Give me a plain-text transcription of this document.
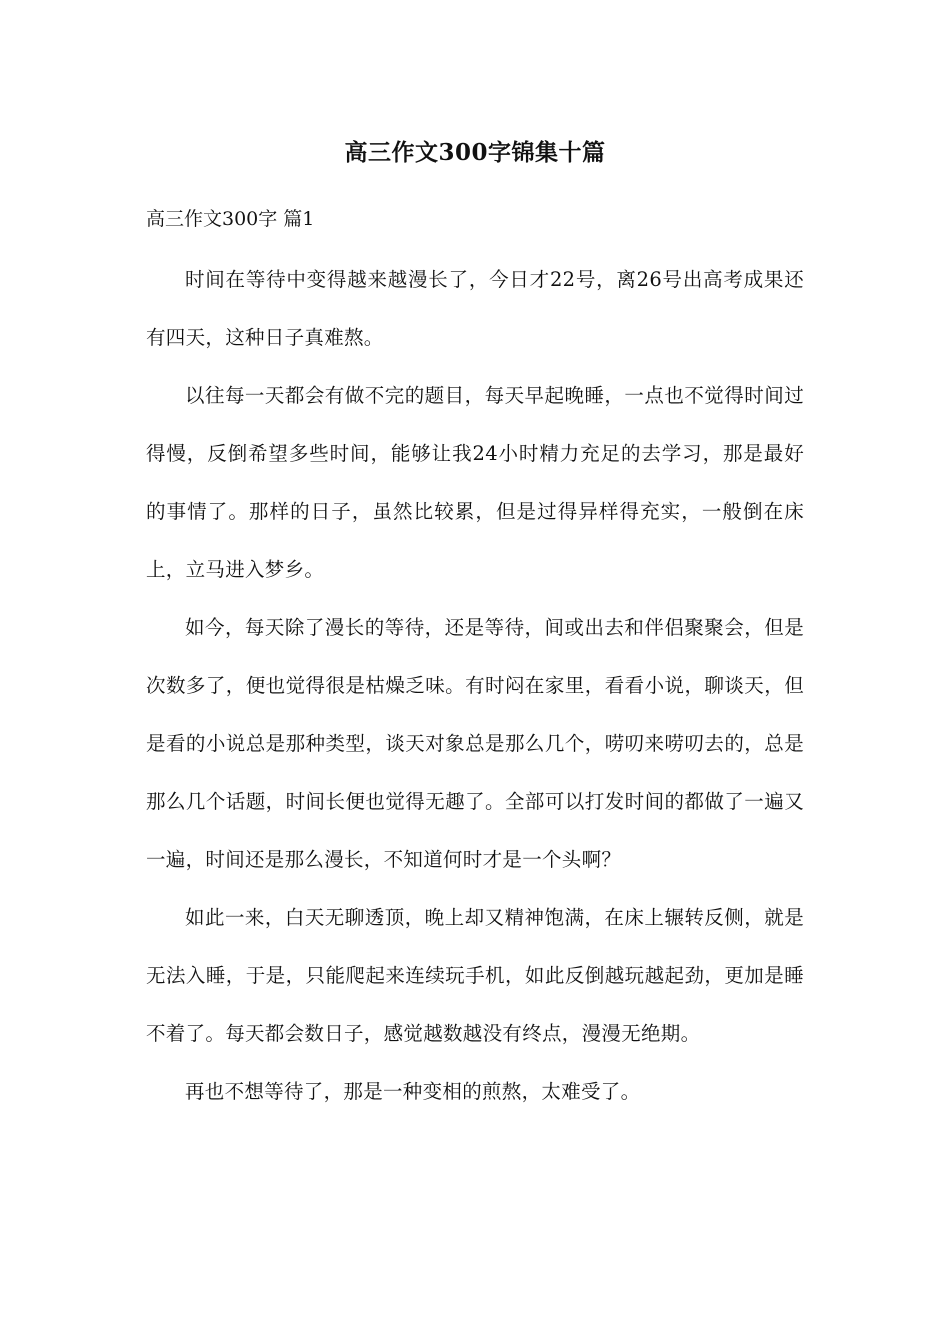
高三作文300字锦集十篇
高三作文300字 篇1

时间在等待中变得越来越漫长了，今日才22号，离26号出高考成果还有四天，这种日子真难熬。

以往每一天都会有做不完的题目，每天早起晚睡，一点也不觉得时间过得慢，反倒希望多些时间，能够让我24小时精力充足的去学习，那是最好的事情了。那样的日子，虽然比较累，但是过得异样得充实，一般倒在床上，立马进入梦乡。

如今，每天除了漫长的等待，还是等待，间或出去和伴侣聚聚会，但是次数多了，便也觉得很是枯燥乏味。有时闷在家里，看看小说，聊谈天，但是看的小说总是那种类型，谈天对象总是那么几个，唠叨来唠叨去的，总是那么几个话题，时间长便也觉得无趣了。全部可以打发时间的都做了一遍又一遍，时间还是那么漫长，不知道何时才是一个头啊？

如此一来，白天无聊透顶，晚上却又精神饱满，在床上辗转反侧，就是无法入睡，于是，只能爬起来连续玩手机，如此反倒越玩越起劲，更加是睡不着了。每天都会数日子，感觉越数越没有终点，漫漫无绝期。

再也不想等待了，那是一种变相的煎熬，太难受了。
